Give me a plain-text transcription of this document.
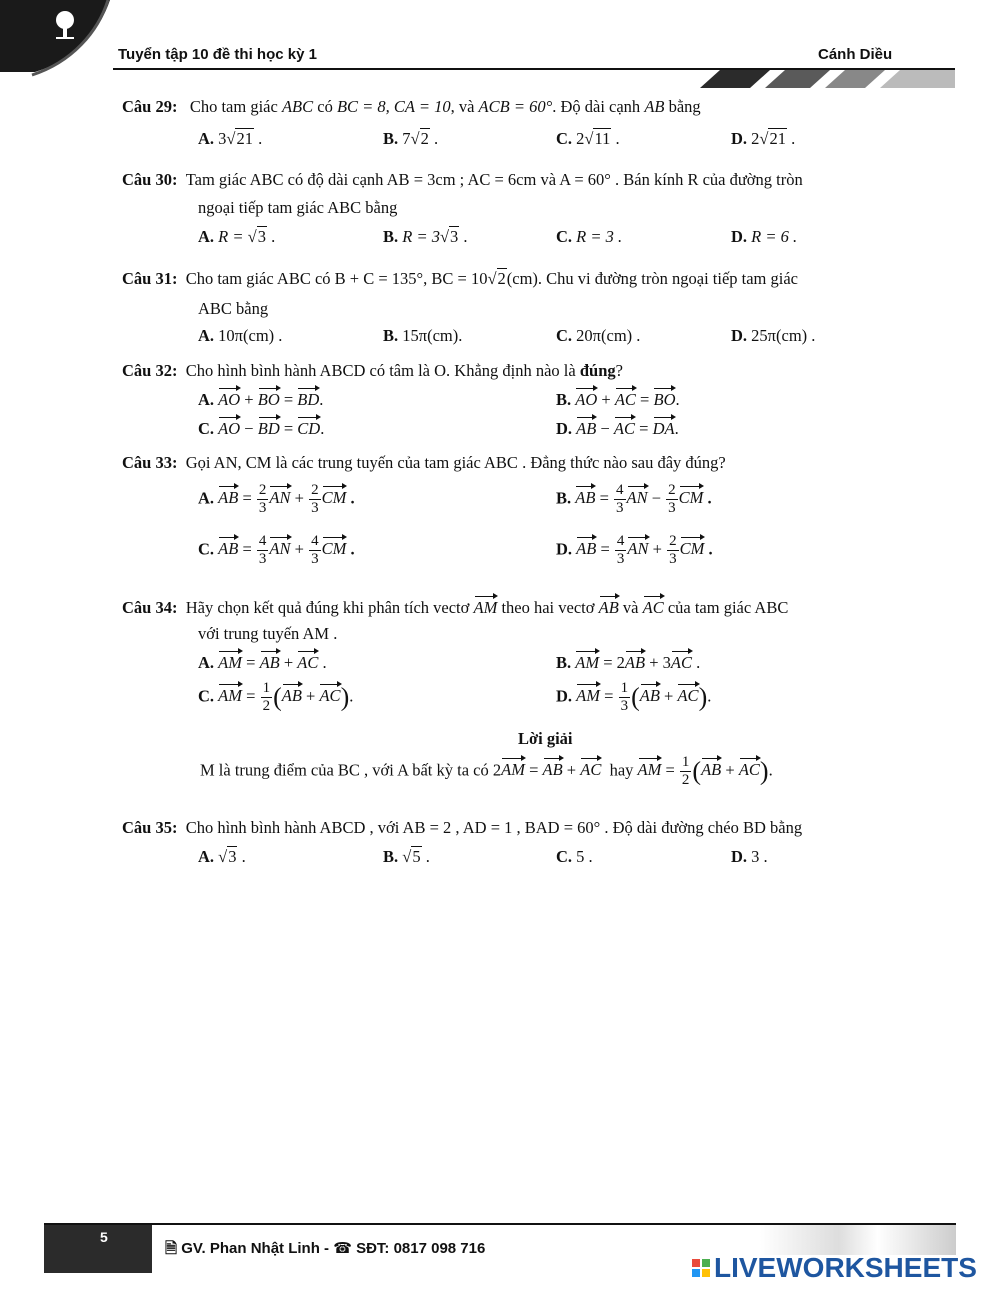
Tuyển tập 10 đề thi học kỳ 1	Cánh Diều
Câu 29: Cho tam giác ABC có BC = 8, CA = 10, và ACB = 60°. Độ dài cạnh AB bằng
A. 3√21 .	B. 7√2 .	C. 2√11 .	D. 2√21 .
Câu 30: Tam giác ABC có độ dài cạnh AB = 3cm ; AC = 6cm và A = 60° . Bán kính R của đường tròn
ngoại tiếp tam giác ABC bằng
A. R = √3 .	B. R = 3√3 .	C. R = 3 .	D. R = 6 .
Câu 31: Cho tam giác ABC có B + C = 135°, BC = 10√2(cm). Chu vi đường tròn ngoại tiếp tam giác
ABC bằng
A. 10π(cm) .	B. 15π(cm).	C. 20π(cm) .	D. 25π(cm) .
Câu 32: Cho hình bình hành ABCD có tâm là O. Khẳng định nào là đúng?
A. AO + BO = BD.	B. AO + AC = BO.
C. AO − BD = CD.	D. AB − AC = DA.
Câu 33: Gọi AN, CM là các trung tuyến của tam giác ABC . Đẳng thức nào sau đây đúng?
A. AB = $\frac{2}{3}$ AN + $\frac{2}{3}$ CM .	B. AB = $\frac{4}{3}$ AN − $\frac{2}{3}$ CM .
C. AB = $\frac{4}{3}$ AN + $\frac{4}{3}$ CM .	D. AB = $\frac{4}{3}$ AN + $\frac{2}{3}$ CM .
Câu 34: Hãy chọn kết quả đúng khi phân tích vectơ AM theo hai vectơ AB và AC của tam giác ABC
với trung tuyến AM .
A. AM = AB + AC .	B. AM = 2AB + 3AC .
C. AM = $\frac{1}{2} (AB + AC)$.	D. AM = $\frac{1}{3} (AB + AC)$.
Lời giải
M là trung điểm của BC , với A bất kỳ ta có 2AM = AB + AC hay AM = $\frac{1}{2} (AB + AC)$.
Câu 35: Cho hình bình hành ABCD , với AB = 2 , AD = 1 , BAD = 60° . Độ dài đường chéo BD bằng
A. √3 .	B. √5 .	C. 5 .	D. 3 .
5
🗎 GV. Phan Nhật Linh - ☎ SĐT: 0817 098 716
LIVEWORKSHEETS
